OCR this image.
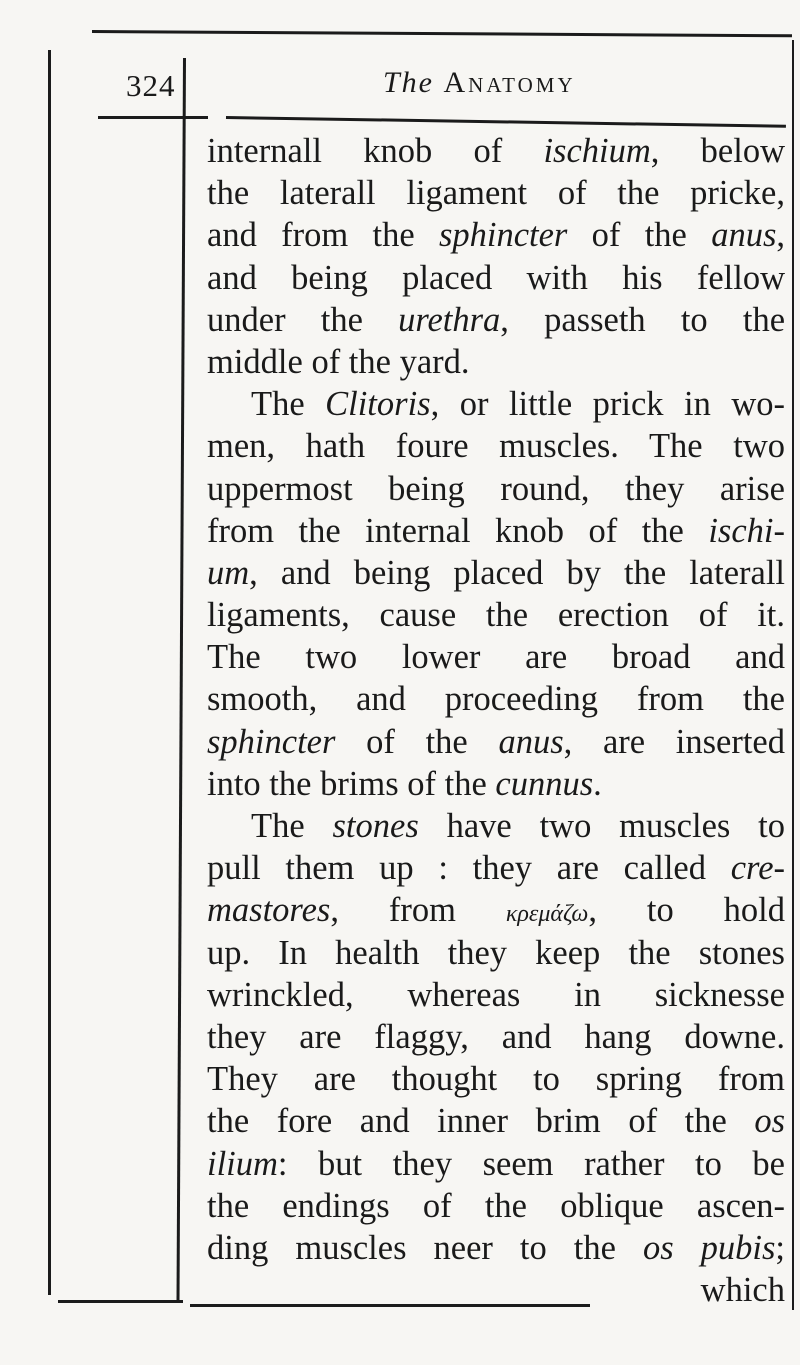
324	The Anatomy
internall knob of ischium, below
the laterall ligament of the pricke,
and from the sphincter of the anus,
and being placed with his fellow
under the urethra, passeth to the
middle of the yard.
The Clitoris, or little prick in wo-
men, hath foure muscles. The two
uppermost being round, they arise
from the internal knob of the ischi-
um, and being placed by the laterall
ligaments, cause the erection of it.
The two lower are broad and
smooth, and proceeding from the
sphincter of the anus, are inserted
into the brims of the cunnus.
The stones have two muscles to
pull them up : they are called cre-
mastores, from κρεμάζω, to hold
up. In health they keep the stones
wrinckled, whereas in sicknesse
they are flaggy, and hang downe.
They are thought to spring from
the fore and inner brim of the os
ilium: but they seem rather to be
the endings of the oblique ascen-
ding muscles neer to the os pubis;
which
